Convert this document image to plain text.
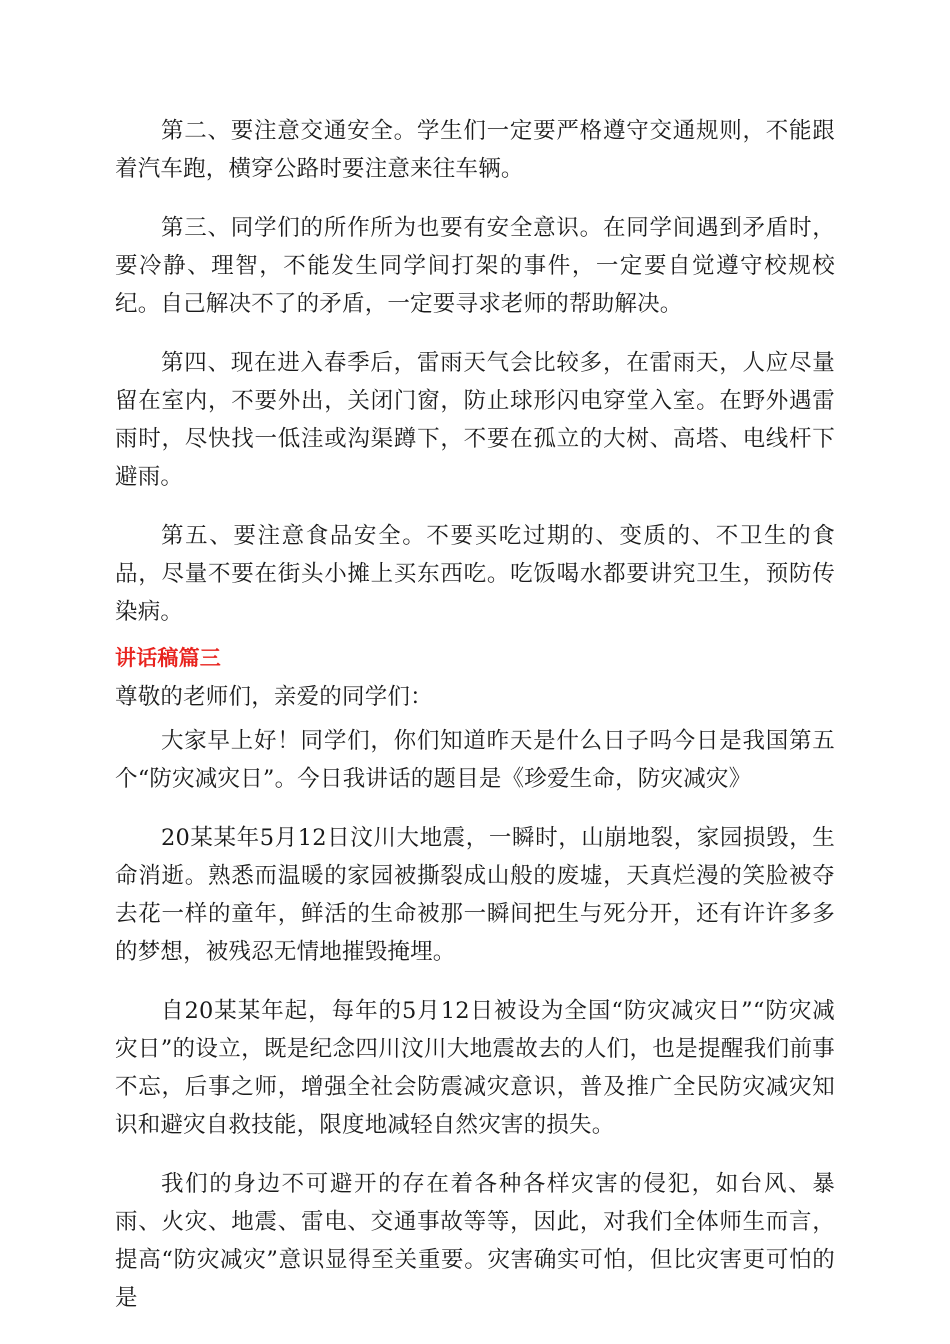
第二、要注意交通安全。学生们一定要严格遵守交通规则，不能跟着汽车跑，横穿公路时要注意来往车辆。

第三、同学们的所作所为也要有安全意识。在同学间遇到矛盾时，要冷静、理智，不能发生同学间打架的事件，一定要自觉遵守校规校纪。自己解决不了的矛盾，一定要寻求老师的帮助解决。

第四、现在进入春季后，雷雨天气会比较多，在雷雨天，人应尽量留在室内，不要外出，关闭门窗，防止球形闪电穿堂入室。在野外遇雷雨时，尽快找一低洼或沟渠蹲下，不要在孤立的大树、高塔、电线杆下避雨。

第五、要注意食品安全。不要买吃过期的、变质的、不卫生的食品，尽量不要在街头小摊上买东西吃。吃饭喝水都要讲究卫生，预防传染病。

讲话稿篇三

尊敬的老师们，亲爱的同学们：

大家早上好！同学们，你们知道昨天是什么日子吗今日是我国第五个“防灾减灾日”。今日我讲话的题目是《珍爱生命，防灾减灾》

20某某年5月12日汶川大地震，一瞬时，山崩地裂，家园损毁，生命消逝。熟悉而温暖的家园被撕裂成山般的废墟，天真烂漫的笑脸被夺去花一样的童年，鲜活的生命被那一瞬间把生与死分开，还有许许多多的梦想，被残忍无情地摧毁掩埋。

自20某某年起，每年的5月12日被设为全国“防灾减灾日”“防灾减灾日”的设立，既是纪念四川汶川大地震故去的人们，也是提醒我们前事不忘，后事之师，增强全社会防震减灾意识，普及推广全民防灾减灾知识和避灾自救技能，限度地减轻自然灾害的损失。

我们的身边不可避开的存在着各种各样灾害的侵犯，如台风、暴雨、火灾、地震、雷电、交通事故等等，因此，对我们全体师生而言，提高“防灾减灾”意识显得至关重要。灾害确实可怕，但比灾害更可怕的是
